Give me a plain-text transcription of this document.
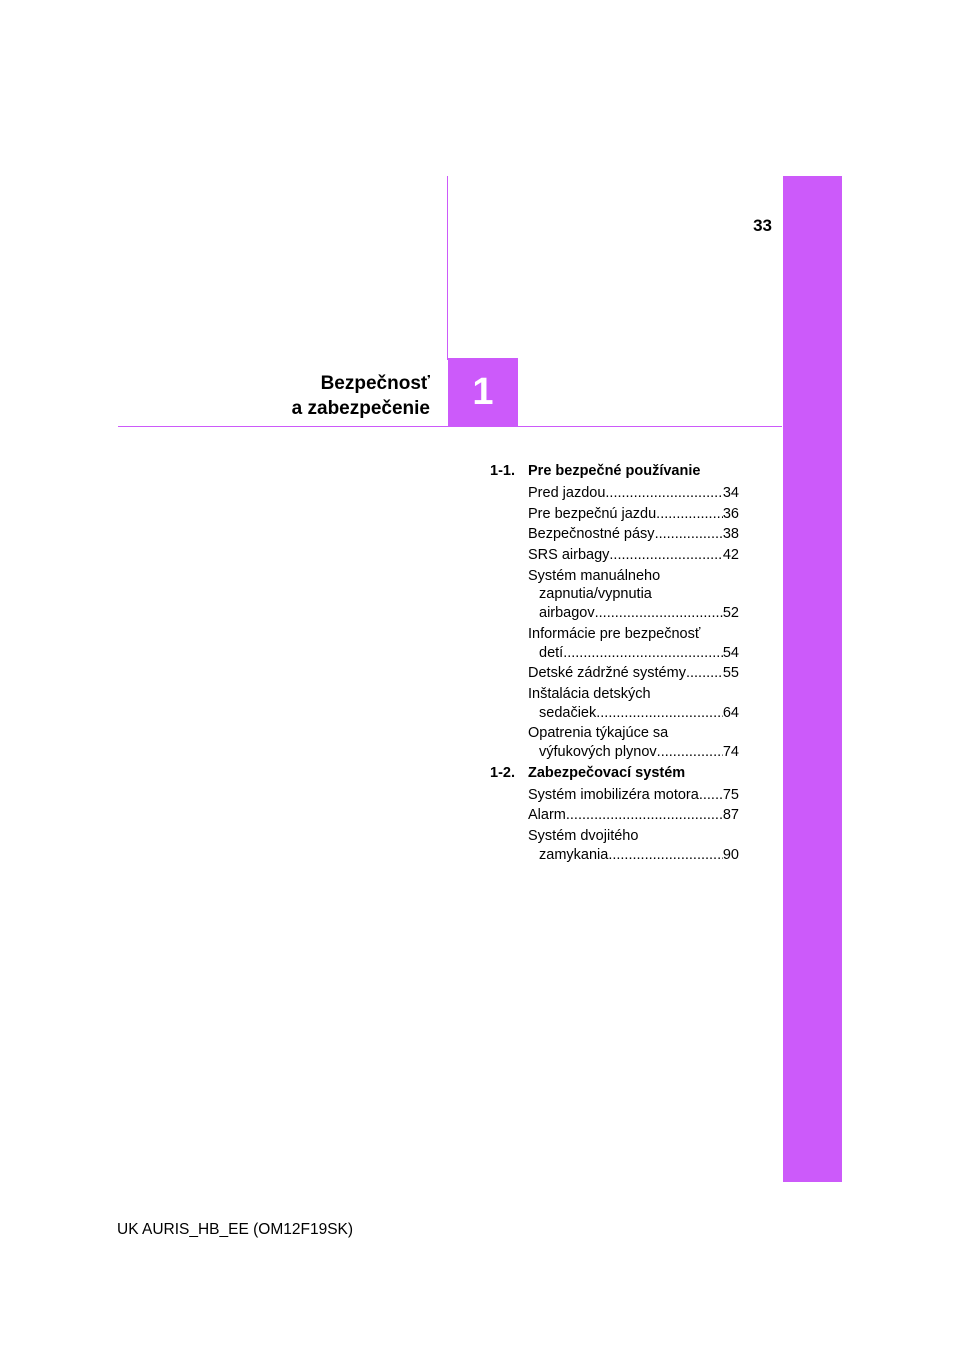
33
Bezpečnosť
a zabezpečenie	1
1-1. Pre bezpečné používanie
Pred jazdou .....	34
Pre bezpečnú jazdu .....	36
Bezpečnostné pásy .....	38
SRS airbagy .....	42
Systém manuálneho
zapnutia/vypnutia
airbagov .....	52
Informácie pre bezpečnosť
detí .....	54
Detské zádržné systémy .....	55
Inštalácia detských
sedačiek .....	64
Opatrenia týkajúce sa
výfukových plynov .....	74
1-2. Zabezpečovací systém
Systém imobilizéra motora ..... 75
Alarm .....	87
Systém dvojitého
zamykania .....	90
UK AURIS_HB_EE (OM12F19SK)
